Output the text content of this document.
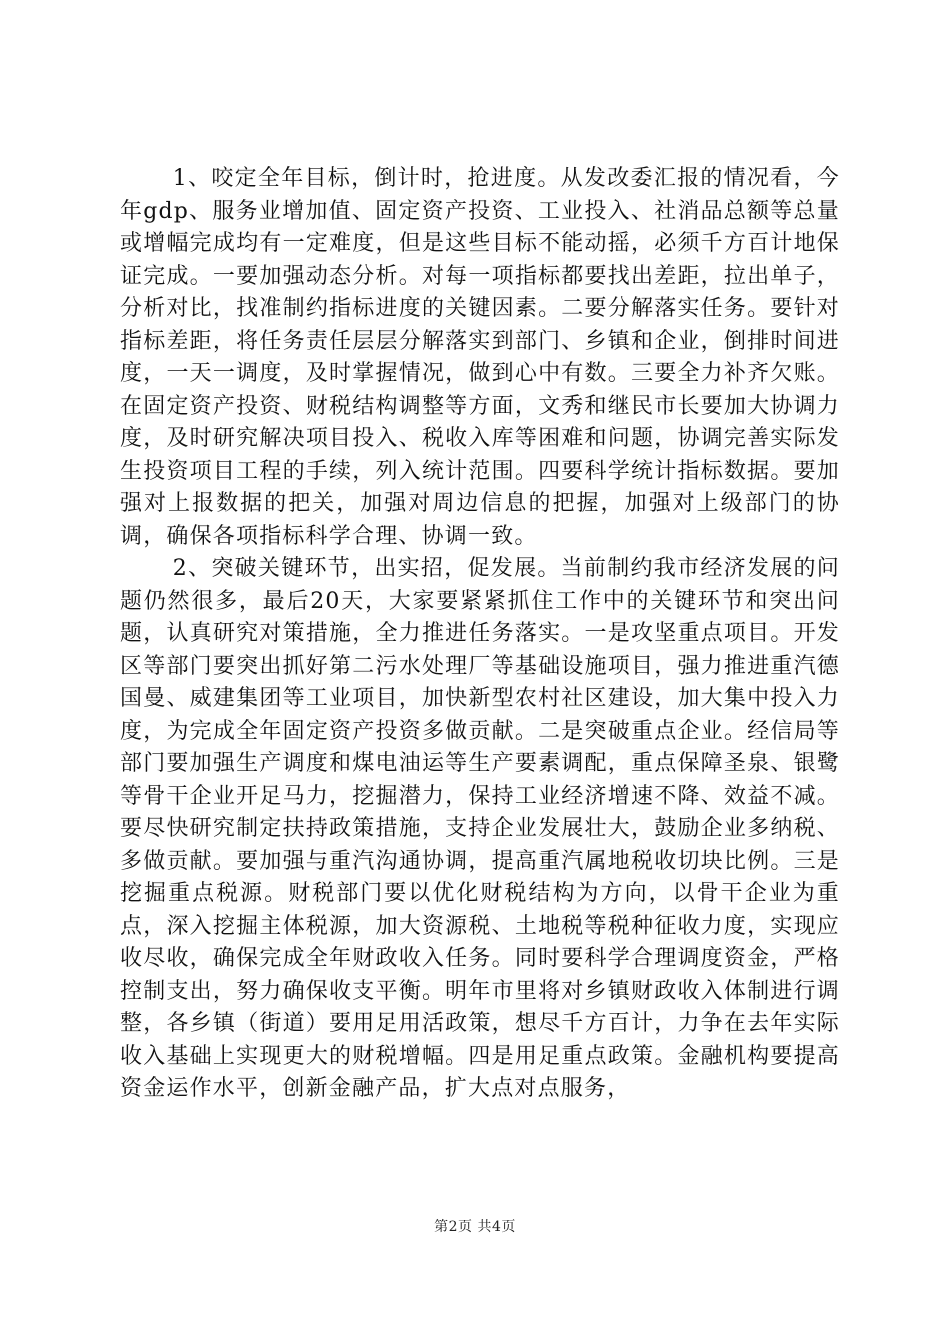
1、咬定全年目标，倒计时，抢进度。从发改委汇报的情况看，今年gdp、服务业增加值、固定资产投资、工业投入、社消品总额等总量或增幅完成均有一定难度，但是这些目标不能动摇，必须千方百计地保证完成。一要加强动态分析。对每一项指标都要找出差距，拉出单子，分析对比，找准制约指标进度的关键因素。二要分解落实任务。要针对指标差距，将任务责任层层分解落实到部门、乡镇和企业，倒排时间进度，一天一调度，及时掌握情况，做到心中有数。三要全力补齐欠账。在固定资产投资、财税结构调整等方面，文秀和继民市长要加大协调力度，及时研究解决项目投入、税收入库等困难和问题，协调完善实际发生投资项目工程的手续，列入统计范围。四要科学统计指标数据。要加强对上报数据的把关，加强对周边信息的把握，加强对上级部门的协调，确保各项指标科学合理、协调一致。

2、突破关键环节，出实招，促发展。当前制约我市经济发展的问题仍然很多，最后20天，大家要紧紧抓住工作中的关键环节和突出问题，认真研究对策措施，全力推进任务落实。一是攻坚重点项目。开发区等部门要突出抓好第二污水处理厂等基础设施项目，强力推进重汽德国曼、威建集团等工业项目，加快新型农村社区建设，加大集中投入力度，为完成全年固定资产投资多做贡献。二是突破重点企业。经信局等部门要加强生产调度和煤电油运等生产要素调配，重点保障圣泉、银鹭等骨干企业开足马力，挖掘潜力，保持工业经济增速不降、效益不减。要尽快研究制定扶持政策措施，支持企业发展壮大，鼓励企业多纳税、多做贡献。要加强与重汽沟通协调，提高重汽属地税收切块比例。三是挖掘重点税源。财税部门要以优化财税结构为方向，以骨干企业为重点，深入挖掘主体税源，加大资源税、土地税等税种征收力度，实现应收尽收，确保完成全年财政收入任务。同时要科学合理调度资金，严格控制支出，努力确保收支平衡。明年市里将对乡镇财政收入体制进行调整，各乡镇（街道）要用足用活政策，想尽千方百计，力争在去年实际收入基础上实现更大的财税增幅。四是用足重点政策。金融机构要提高资金运作水平，创新金融产品，扩大点对点服务，

第2页 共4页
